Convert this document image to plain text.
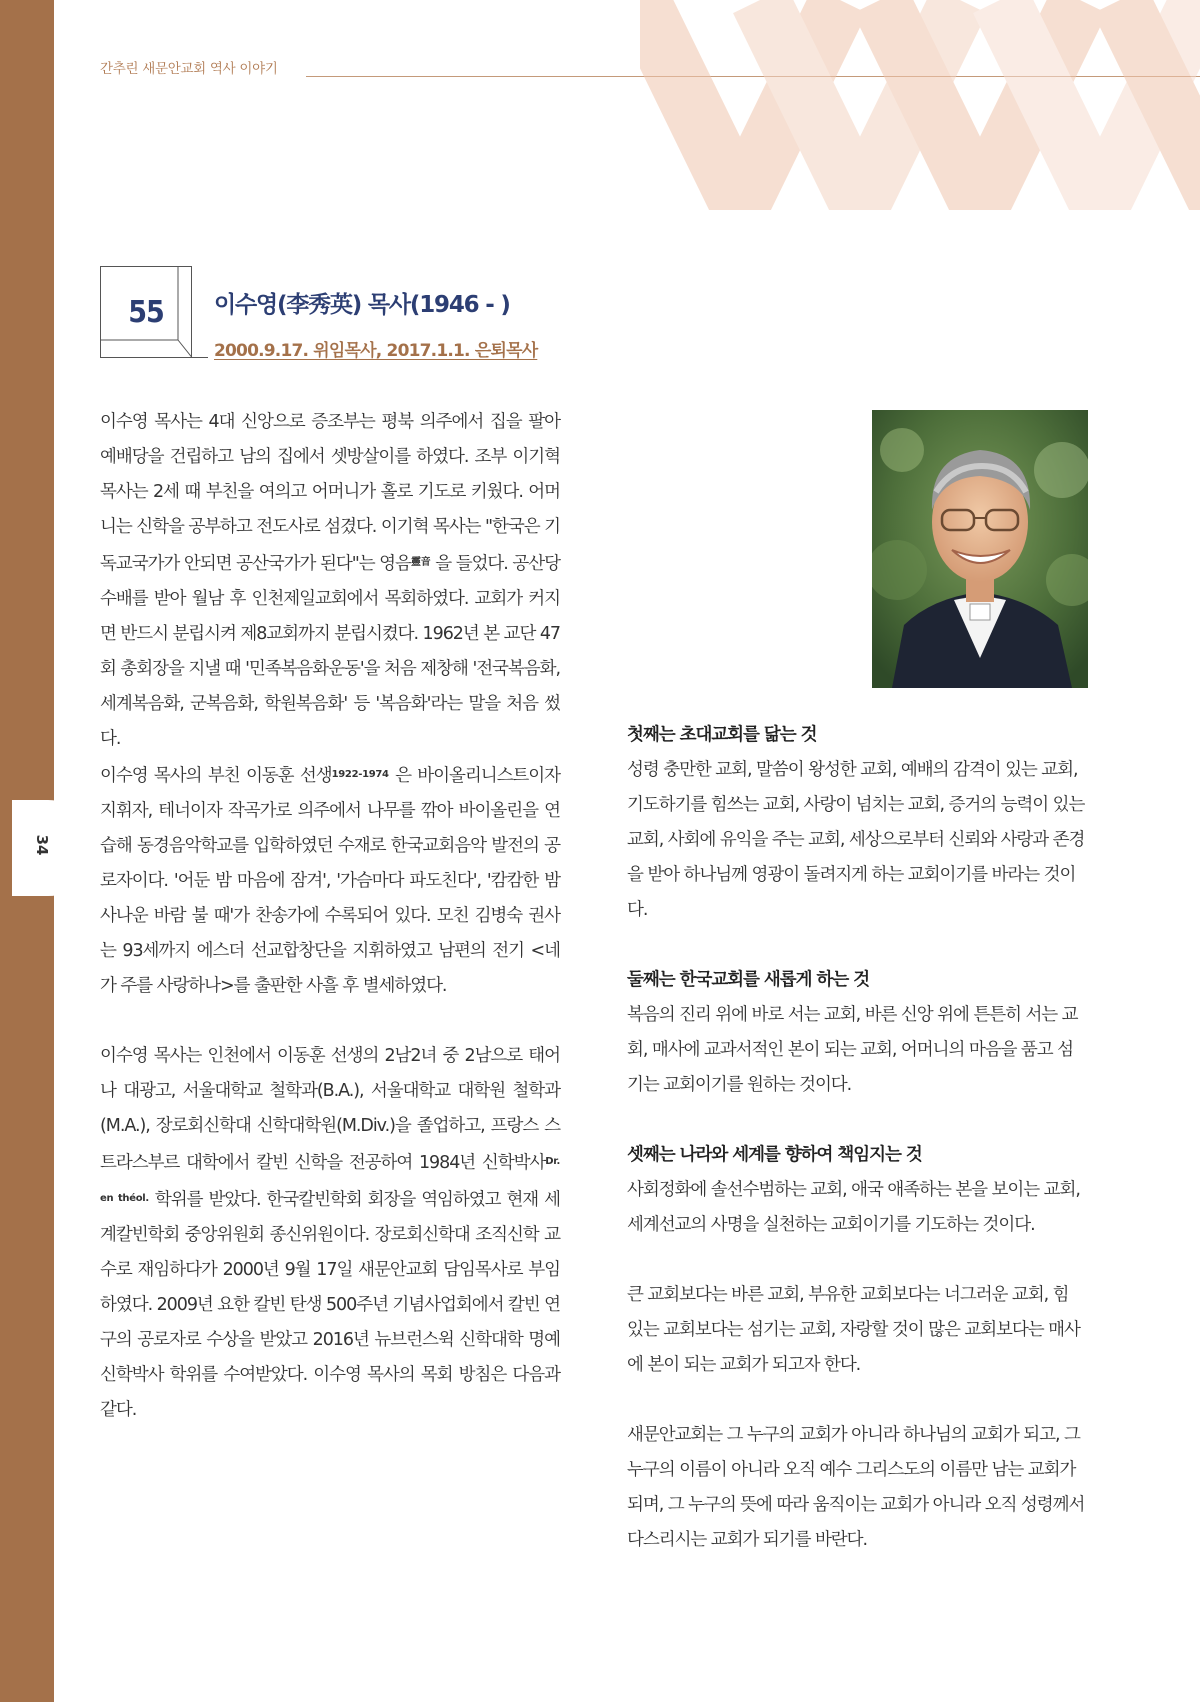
34
간추린 새문안교회 역사 이야기
55	이수영(李秀英) 목사(1946 - )
2000.9.17. 위임목사, 2017.1.1. 은퇴목사

이수영 목사는 4대 신앙으로 증조부는 평북 의주에서 집을 팔아 예배당을 건립하고 남의 집에서 셋방살이를 하였다. 조부 이기혁 목사는 2세 때 부친을 여의고 어머니가 홀로 기도로 키웠다. 어머니는 신학을 공부하고 전도사로 섬겼다. 이기혁 목사는 "한국은 기독교국가가 안되면 공산국가가 된다"는 영음$^{靈音}$ 을 들었다. 공산당 수배를 받아 월남 후 인천제일교회에서 목회하였다. 교회가 커지면 반드시 분립시켜 제8교회까지 분립시켰다. 1962년 본 교단 47회 총회장을 지낼 때 '민족복음화운동'을 처음 제창해 '전국복음화, 세계복음화, 군복음화, 학원복음화' 등 '복음화'라는 말을 처음 썼다.

이수영 목사의 부친 이동훈 선생$^{1922-1974}$ 은 바이올리니스트이자 지휘자, 테너이자 작곡가로 의주에서 나무를 깎아 바이올린을 연습해 동경음악학교를 입학하였던 수재로 한국교회음악 발전의 공로자이다. '어둔 밤 마음에 잠겨', '가슴마다 파도친다', '캄캄한 밤 사나운 바람 불 때'가 찬송가에 수록되어 있다. 모친 김병숙 권사는 93세까지 에스더 선교합창단을 지휘하였고 남편의 전기 <네가 주를 사랑하나>를 출판한 사흘 후 별세하였다.

이수영 목사는 인천에서 이동훈 선생의 2남2녀 중 2남으로 태어나 대광고, 서울대학교 철학과(B.A.), 서울대학교 대학원 철학과(M.A.), 장로회신학대 신학대학원(M.Div.)을 졸업하고, 프랑스 스트라스부르 대학에서 칼빈 신학을 전공하여 1984년 신학박사$^{Dr. en théol.}$ 학위를 받았다. 한국칼빈학회 회장을 역임하였고 현재 세계칼빈학회 중앙위원회 종신위원이다. 장로회신학대 조직신학 교수로 재임하다가 2000년 9월 17일 새문안교회 담임목사로 부임하였다. 2009년 요한 칼빈 탄생 500주년 기념사업회에서 칼빈 연구의 공로자로 수상을 받았고 2016년 뉴브런스윅 신학대학 명예신학박사 학위를 수여받았다. 이수영 목사의 목회 방침은 다음과 같다.

첫째는 초대교회를 닮는 것

성령 충만한 교회, 말씀이 왕성한 교회, 예배의 감격이 있는 교회, 기도하기를 힘쓰는 교회, 사랑이 넘치는 교회, 증거의 능력이 있는 교회, 사회에 유익을 주는 교회, 세상으로부터 신뢰와 사랑과 존경을 받아 하나님께 영광이 돌려지게 하는 교회이기를 바라는 것이다.

둘째는 한국교회를 새롭게 하는 것

복음의 진리 위에 바로 서는 교회, 바른 신앙 위에 튼튼히 서는 교회, 매사에 교과서적인 본이 되는 교회, 어머니의 마음을 품고 섬기는 교회이기를 원하는 것이다.

셋째는 나라와 세계를 향하여 책임지는 것

사회정화에 솔선수범하는 교회, 애국 애족하는 본을 보이는 교회, 세계선교의 사명을 실천하는 교회이기를 기도하는 것이다.

큰 교회보다는 바른 교회, 부유한 교회보다는 너그러운 교회, 힘 있는 교회보다는 섬기는 교회, 자랑할 것이 많은 교회보다는 매사에 본이 되는 교회가 되고자 한다.

새문안교회는 그 누구의 교회가 아니라 하나님의 교회가 되고, 그 누구의 이름이 아니라 오직 예수 그리스도의 이름만 남는 교회가 되며, 그 누구의 뜻에 따라 움직이는 교회가 아니라 오직 성령께서 다스리시는 교회가 되기를 바란다.
